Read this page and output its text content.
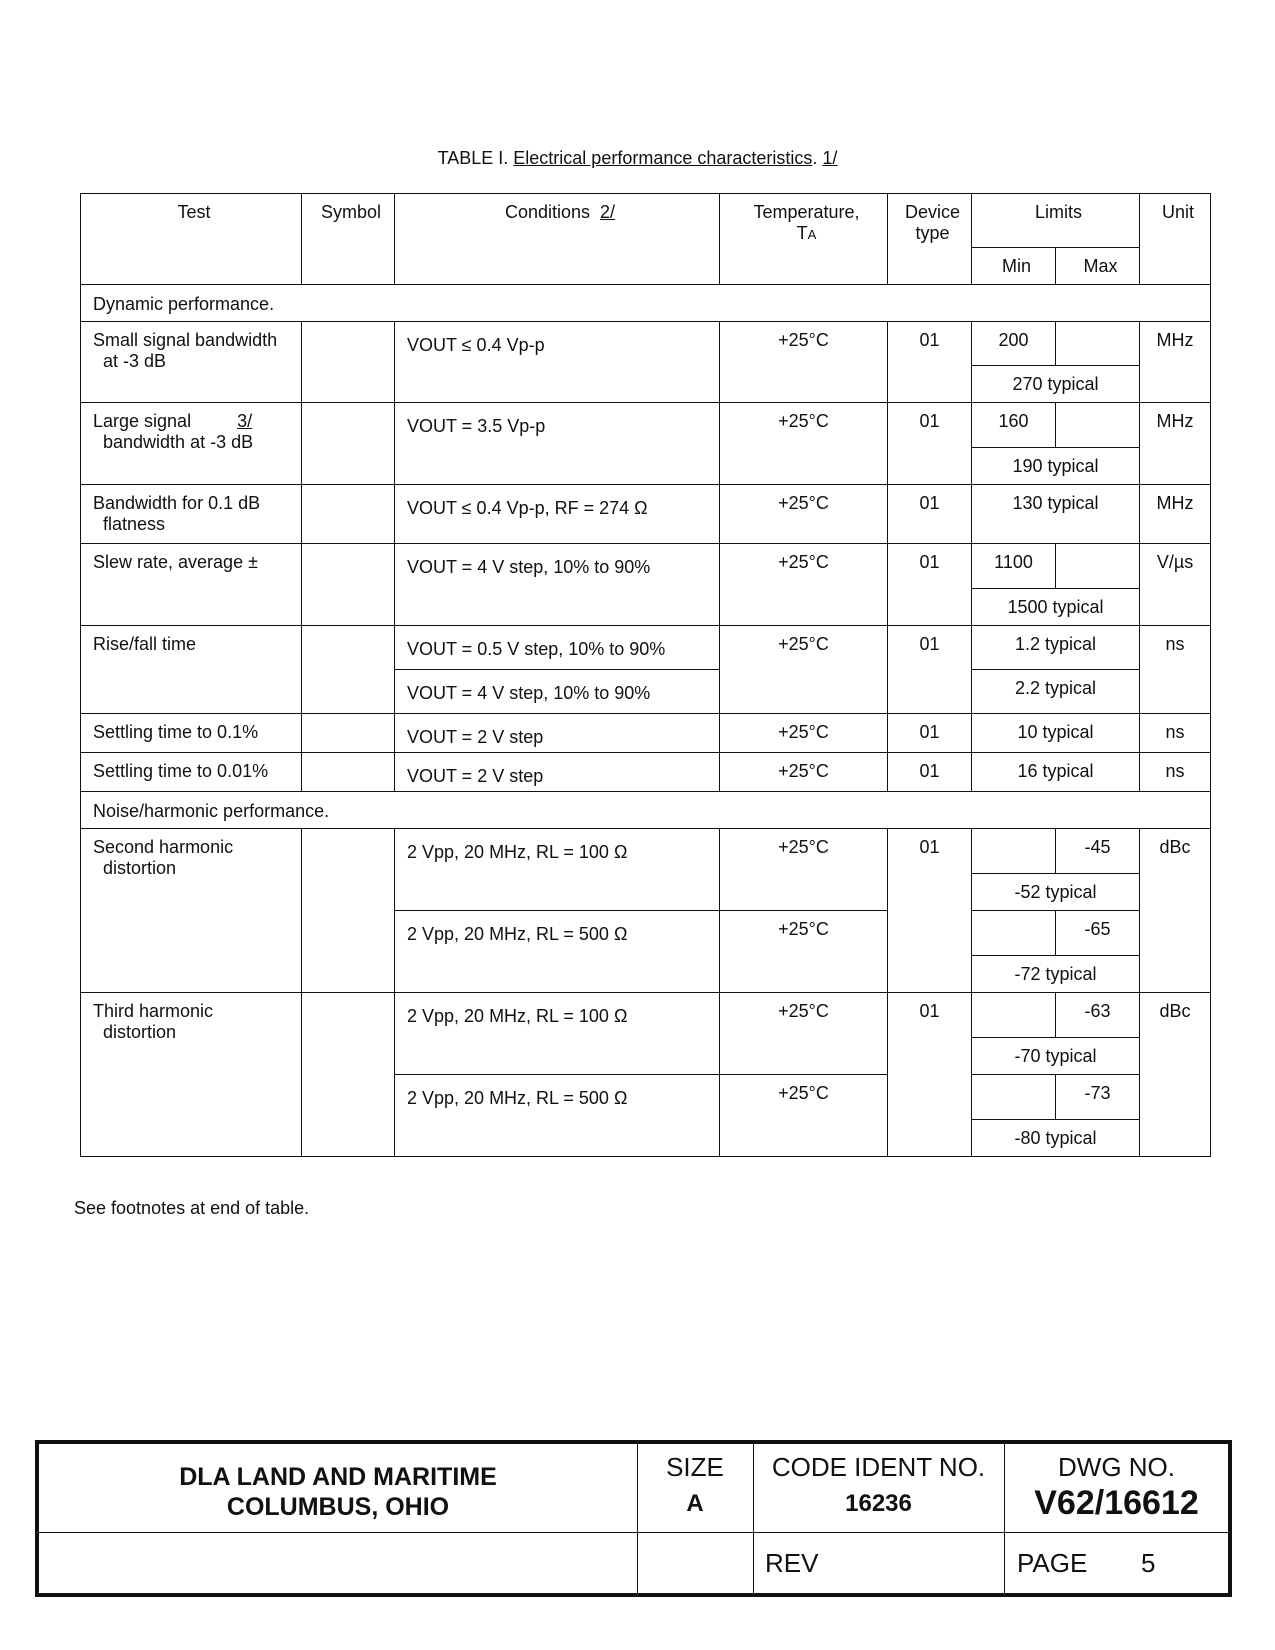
TABLE I. Electrical performance characteristics. 1/
Test	Symbol	Conditions 2/	Temperature,
TA	Device type	Limits		Unit
					Min	Max	
Dynamic performance.							
Small signal bandwidth
at -3 dB		VOUT ≤ 0.4 Vp-p	+25°C	01	200		MHz
					270 typical		
Large signal 3/
bandwidth at -3 dB		VOUT = 3.5 Vp-p	+25°C	01	160		MHz
					190 typical		
Bandwidth for 0.1 dB
flatness		VOUT ≤ 0.4 Vp-p, RF = 274 Ω	+25°C	01	130 typical		MHz
Slew rate, average ±		VOUT = 4 V step, 10% to 90%	+25°C	01	1100		V/µs
					1500 typical		
Rise/fall time		VOUT = 0.5 V step, 10% to 90%	+25°C	01	1.2 typical		ns
		VOUT = 4 V step, 10% to 90%			2.2 typical		
Settling time to 0.1%		VOUT = 2 V step	+25°C	01	10 typical		ns
Settling time to 0.01%		VOUT = 2 V step	+25°C	01	16 typical		ns
Noise/harmonic performance.							
Second harmonic
distortion		2 Vpp, 20 MHz, RL = 100 Ω	+25°C	01		-45	dBc
					-52 typical		
		2 Vpp, 20 MHz, RL = 500 Ω	+25°C			-65	
					-72 typical		
Third harmonic
distortion		2 Vpp, 20 MHz, RL = 100 Ω	+25°C	01		-63	dBc
					-70 typical		
		2 Vpp, 20 MHz, RL = 500 Ω	+25°C			-73	
					-80 typical		
See footnotes at end of table.
DLA LAND AND MARITIME
COLUMBUS, OHIO
SIZE
A
CODE IDENT NO.
16236
DWG NO.
V62/16612
REV	PAGE 5
